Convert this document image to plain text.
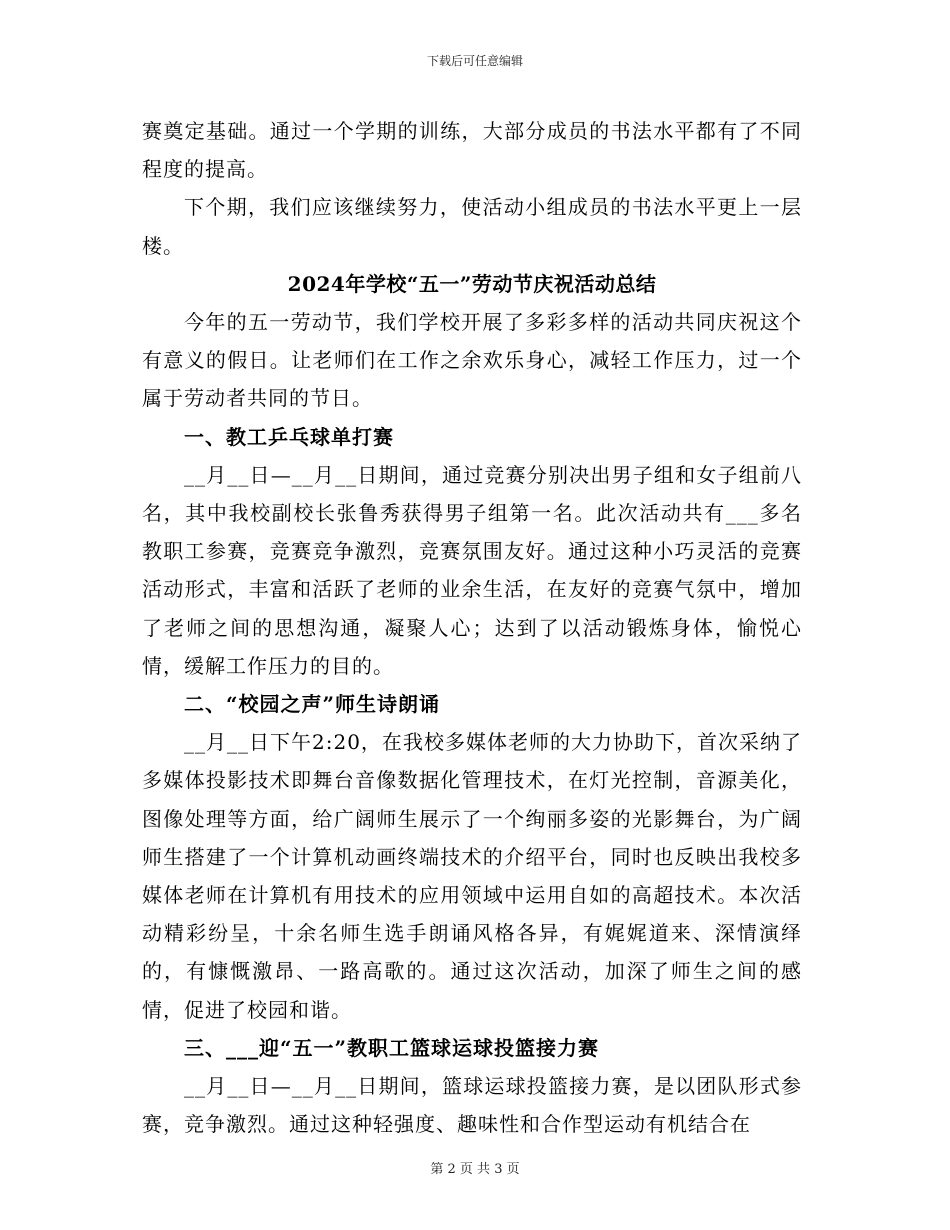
下载后可任意编辑

赛奠定基础。通过一个学期的训练，大部分成员的书法水平都有了不同程度的提高。

下个期，我们应该继续努力，使活动小组成员的书法水平更上一层楼。

2024年学校“五一”劳动节庆祝活动总结

今年的五一劳动节，我们学校开展了多彩多样的活动共同庆祝这个有意义的假日。让老师们在工作之余欢乐身心，减轻工作压力，过一个属于劳动者共同的节日。

一、教工乒乓球单打赛

__月__日—__月__日期间，通过竞赛分别决出男子组和女子组前八名，其中我校副校长张鲁秀获得男子组第一名。此次活动共有___多名教职工参赛，竞赛竞争激烈，竞赛氛围友好。通过这种小巧灵活的竞赛活动形式，丰富和活跃了老师的业余生活，在友好的竞赛气氛中，增加了老师之间的思想沟通，凝聚人心；达到了以活动锻炼身体，愉悦心情，缓解工作压力的目的。

二、“校园之声”师生诗朗诵

__月__日下午2:20，在我校多媒体老师的大力协助下，首次采纳了多媒体投影技术即舞台音像数据化管理技术，在灯光控制，音源美化，图像处理等方面，给广阔师生展示了一个绚丽多姿的光影舞台，为广阔师生搭建了一个计算机动画终端技术的介绍平台，同时也反映出我校多媒体老师在计算机有用技术的应用领域中运用自如的高超技术。本次活动精彩纷呈，十余名师生选手朗诵风格各异，有娓娓道来、深情演绎的，有慷慨激昂、一路高歌的。通过这次活动，加深了师生之间的感情，促进了校园和谐。

三、___迎“五一”教职工篮球运球投篮接力赛

__月__日—__月__日期间，篮球运球投篮接力赛，是以团队形式参赛，竞争激烈。通过这种轻强度、趣味性和合作型运动有机结合在

第 2 页 共 3 页
